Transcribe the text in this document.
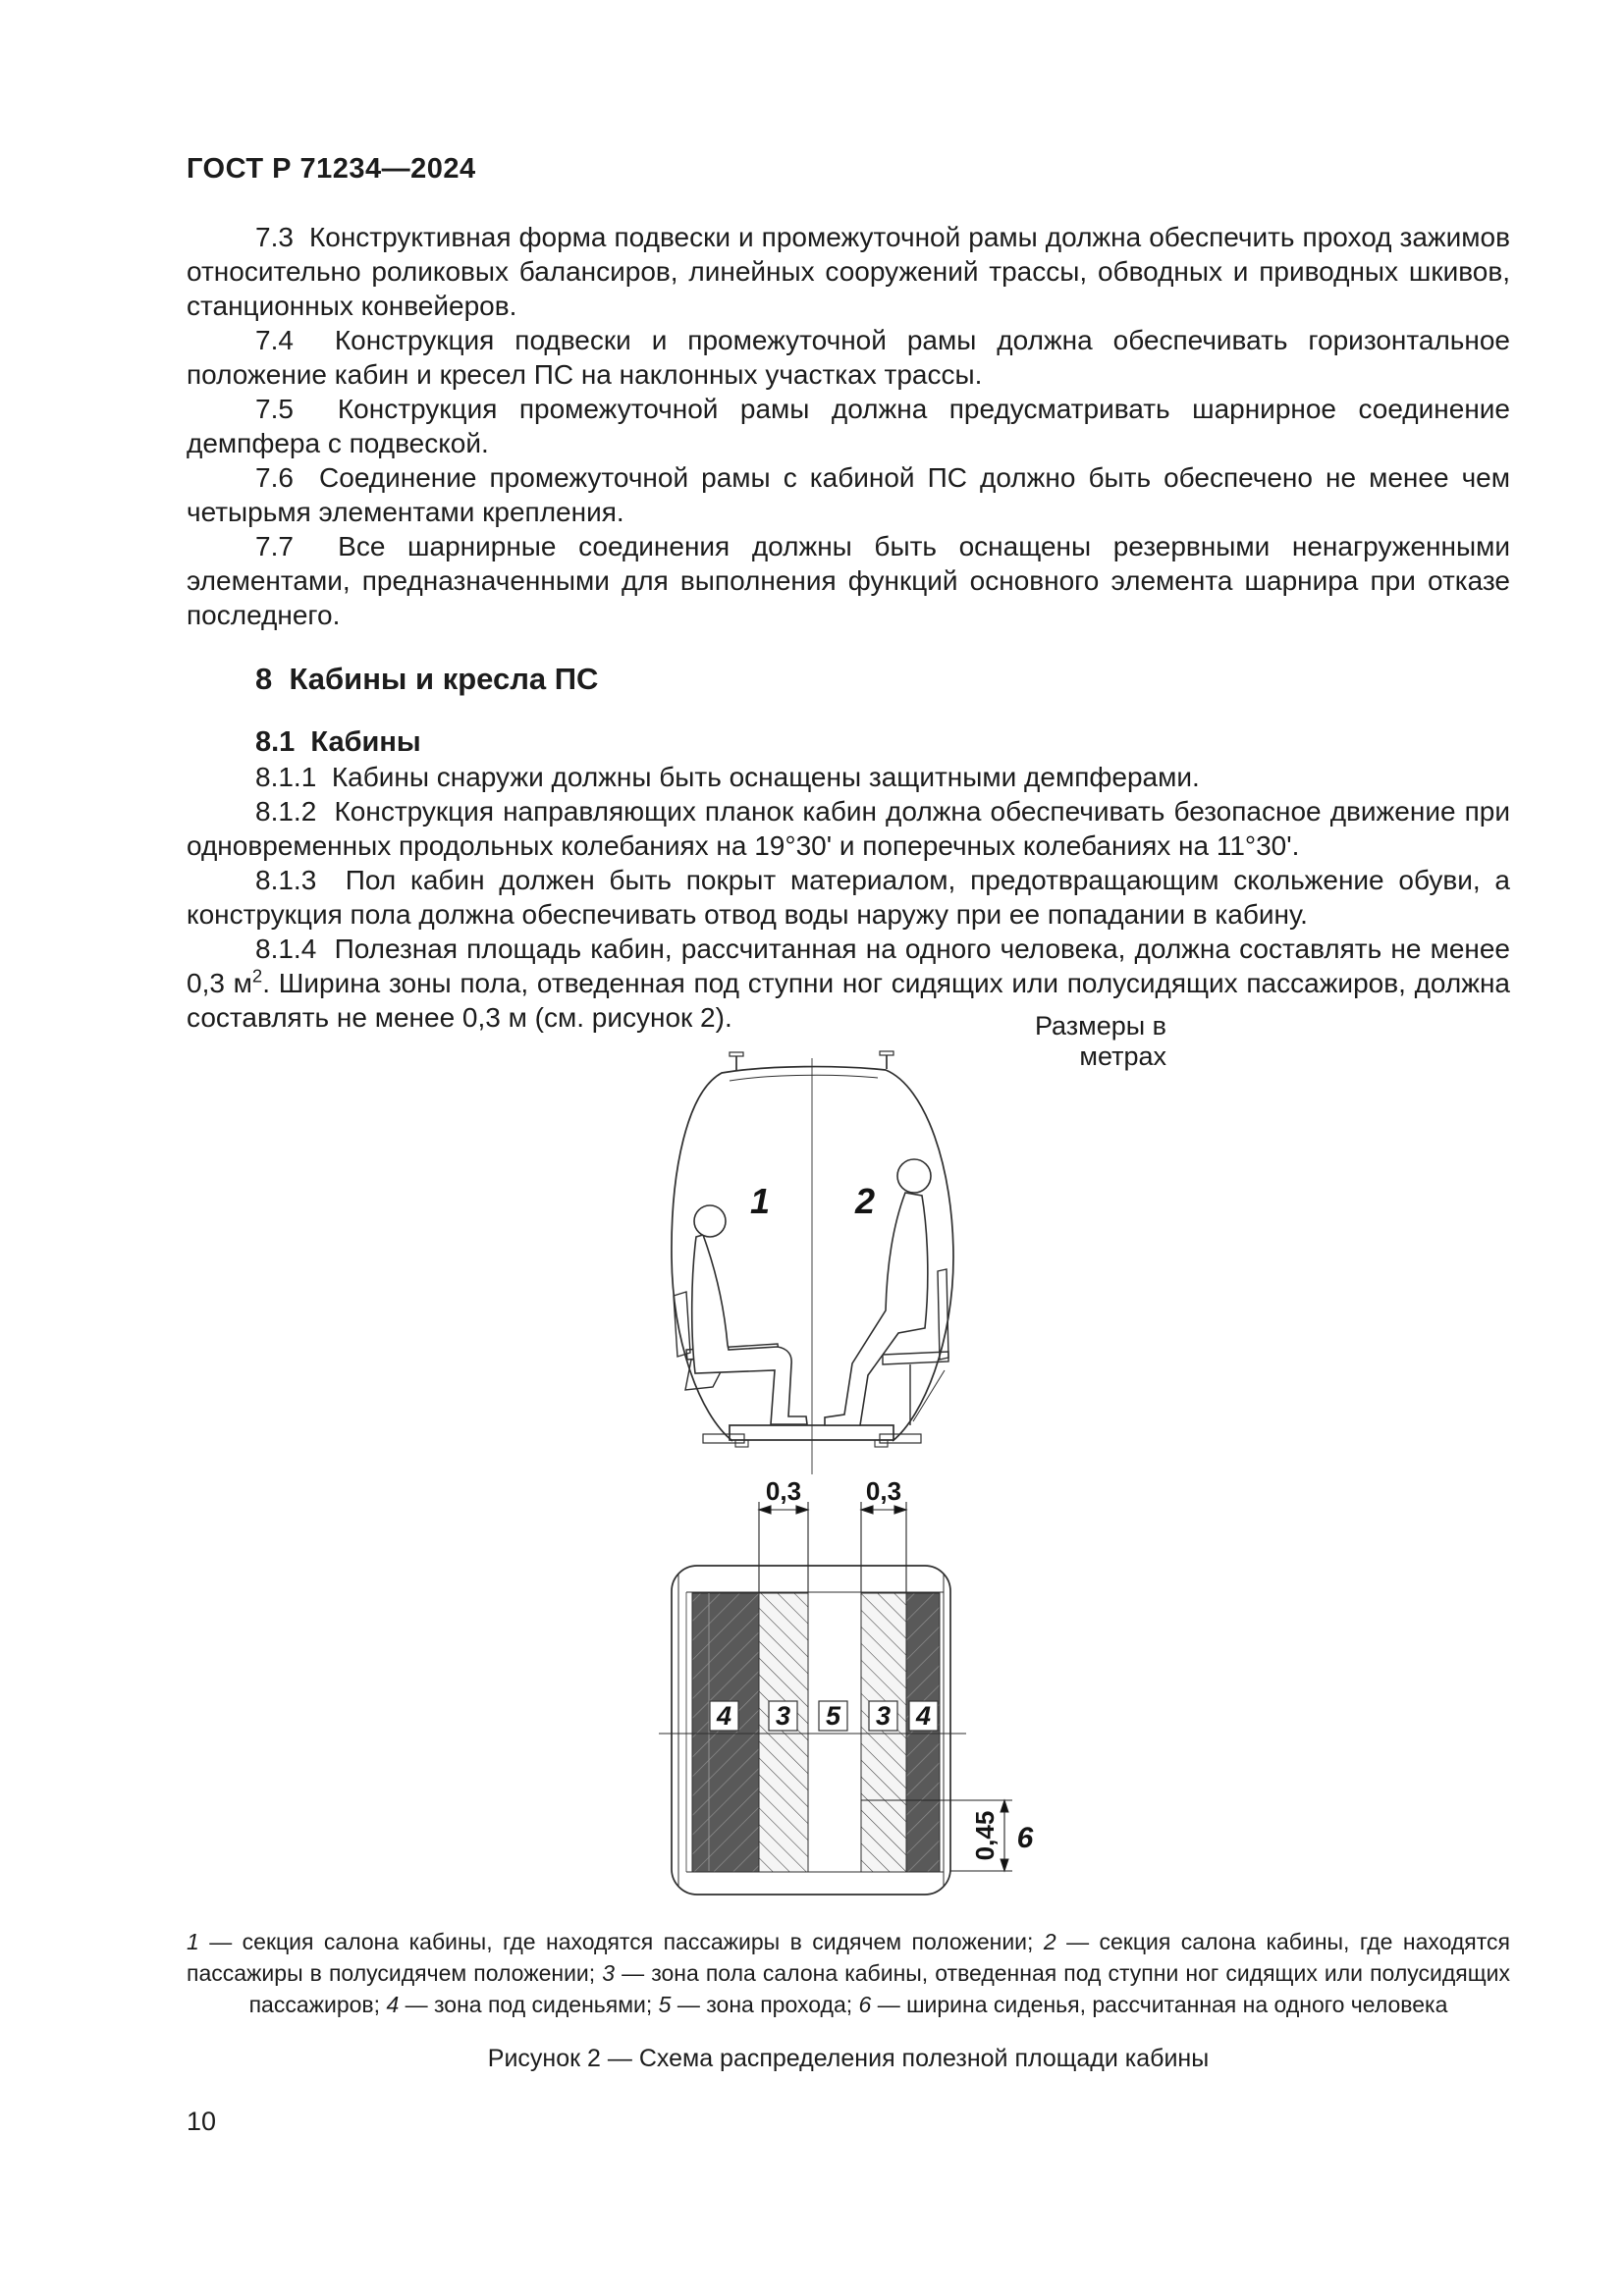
ГОСТ Р 71234—2024

7.3  Конструктивная форма подвески и промежуточной рамы должна обеспечить проход зажимов относительно роликовых балансиров, линейных сооружений трассы, обводных и приводных шкивов, станционных конвейеров.

7.4  Конструкция подвески и промежуточной рамы должна обеспечивать горизонтальное положение кабин и кресел ПС на наклонных участках трассы.

7.5  Конструкция промежуточной рамы должна предусматривать шарнирное соединение демпфера с подвеской.

7.6  Соединение промежуточной рамы с кабиной ПС должно быть обеспечено не менее чем четырьмя элементами крепления.

7.7  Все шарнирные соединения должны быть оснащены резервными ненагруженными элементами, предназначенными для выполнения функций основного элемента шарнира при отказе последнего.

8  Кабины и кресла ПС
8.1  Кабины

8.1.1  Кабины снаружи должны быть оснащены защитными демпферами.

8.1.2  Конструкция направляющих планок кабин должна обеспечивать безопасное движение при одновременных продольных колебаниях на 19°30' и поперечных колебаниях на 11°30'.

8.1.3  Пол кабин должен быть покрыт материалом, предотвращающим скольжение обуви, а конструкция пола должна обеспечивать отвод воды наружу при ее попадании в кабину.

8.1.4  Полезная площадь кабин, рассчитанная на одного человека, должна составлять не менее 0,3 $м^2$. Ширина зоны пола, отведенная под ступни ног сидящих или полусидящих пассажиров, должна составлять не менее 0,3 м (см. рисунок 2).	Размеры в метрах
1 2
0,3	0,3
4 3 5 3 4
0,45 6
1 — секция салона кабины, где находятся пассажиры в сидячем положении; 2 — секция салона кабины, где находятся пассажиры в полусидячем положении; 3 — зона пола салона кабины, отведенная под ступни ног сидящих или полусидящих пассажиров; 4 — зона под сиденьями; 5 — зона прохода; 6 — ширина сиденья, рассчитанная на одного человека
Рисунок 2 — Схема распределения полезной площади кабины
10
